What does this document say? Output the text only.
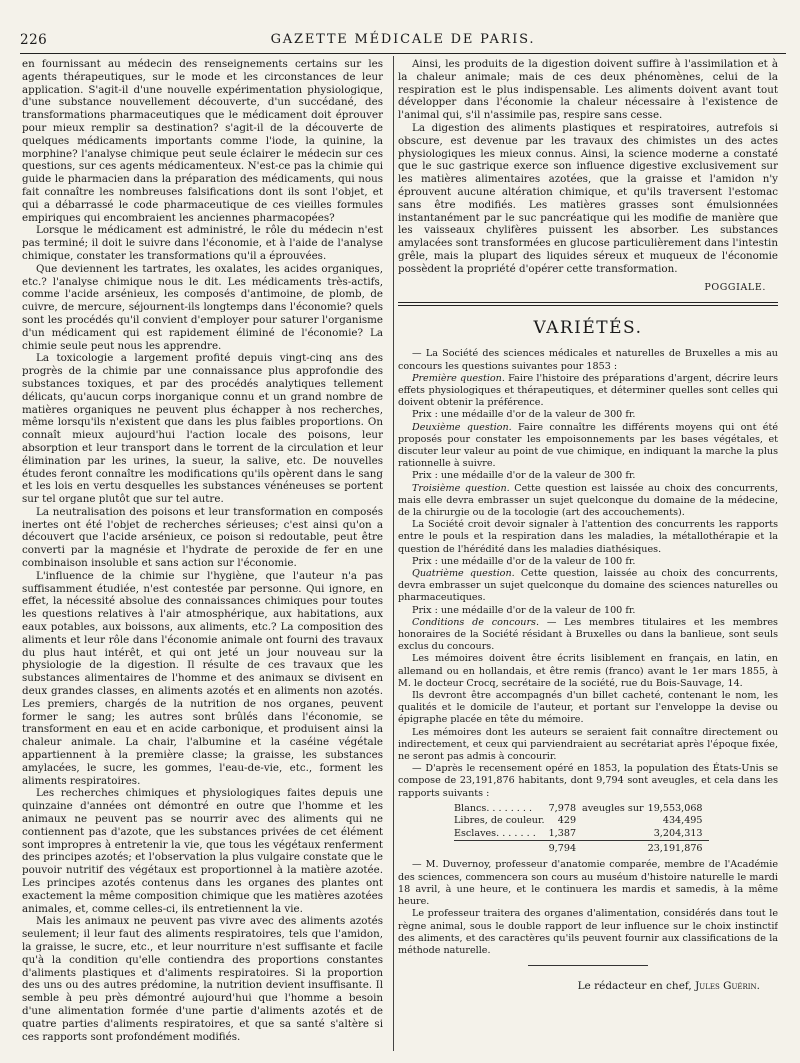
226	GAZETTE MÉDICALE DE PARIS.

en fournissant au médecin des renseignements certains sur les agents thérapeutiques, sur le mode et les circonstances de leur application. S'agit-il d'une nouvelle expérimentation physiologique, d'une substance nouvellement découverte, d'un succédané, des transformations pharmaceutiques que le médicament doit éprouver pour mieux remplir sa destination? s'agit-il de la découverte de quelques médicaments importants comme l'iode, la quinine, la morphine? l'analyse chimique peut seule éclairer le médecin sur ces questions, sur ces agents médicamenteux. N'est-ce pas la chimie qui guide le pharmacien dans la préparation des médicaments, qui nous fait connaître les nombreuses falsifications dont ils sont l'objet, et qui a débarrassé le code pharmaceutique de ces vieilles formules empiriques qui encombraient les anciennes pharmacopées?

Lorsque le médicament est administré, le rôle du médecin n'est pas terminé; il doit le suivre dans l'économie, et à l'aide de l'analyse chimique, constater les transformations qu'il a éprouvées.

Que deviennent les tartrates, les oxalates, les acides organiques, etc.? l'analyse chimique nous le dit. Les médicaments très-actifs, comme l'acide arsénieux, les composés d'antimoine, de plomb, de cuivre, de mercure, séjournent-ils longtemps dans l'économie? quels sont les procédés qu'il convient d'employer pour saturer l'organisme d'un médicament qui est rapidement éliminé de l'économie? La chimie seule peut nous les apprendre.

La toxicologie a largement profité depuis vingt-cinq ans des progrès de la chimie par une connaissance plus approfondie des substances toxiques, et par des procédés analytiques tellement délicats, qu'aucun corps inorganique connu et un grand nombre de matières organiques ne peuvent plus échapper à nos recherches, même lorsqu'ils n'existent que dans les plus faibles proportions. On connaît mieux aujourd'hui l'action locale des poisons, leur absorption et leur transport dans le torrent de la circulation et leur élimination par les urines, la sueur, la salive, etc. De nouvelles études feront connaître les modifications qu'ils opèrent dans le sang et les lois en vertu desquelles les substances vénéneuses se portent sur tel organe plutôt que sur tel autre.

La neutralisation des poisons et leur transformation en composés inertes ont été l'objet de recherches sérieuses; c'est ainsi qu'on a découvert que l'acide arsénieux, ce poison si redoutable, peut être converti par la magnésie et l'hydrate de peroxide de fer en une combinaison insoluble et sans action sur l'économie.

L'influence de la chimie sur l'hygiène, que l'auteur n'a pas suffisamment étudiée, n'est contestée par personne. Qui ignore, en effet, la nécessité absolue des connaissances chimiques pour toutes les questions relatives à l'air atmosphérique, aux habitations, aux eaux potables, aux boissons, aux aliments, etc.? La composition des aliments et leur rôle dans l'économie animale ont fourni des travaux du plus haut intérêt, et qui ont jeté un jour nouveau sur la physiologie de la digestion. Il résulte de ces travaux que les substances alimentaires de l'homme et des animaux se divisent en deux grandes classes, en aliments azotés et en aliments non azotés. Les premiers, chargés de la nutrition de nos organes, peuvent former le sang; les autres sont brûlés dans l'économie, se transforment en eau et en acide carbonique, et produisent ainsi la chaleur animale. La chair, l'albumine et la caséine végétale appartiennent à la première classe; la graisse, les substances amylacées, le sucre, les gommes, l'eau-de-vie, etc., forment les aliments respiratoires.

Les recherches chimiques et physiologiques faites depuis une quinzaine d'années ont démontré en outre que l'homme et les animaux ne peuvent pas se nourrir avec des aliments qui ne contiennent pas d'azote, que les substances privées de cet élément sont impropres à entretenir la vie, que tous les végétaux renferment des principes azotés; et l'observation la plus vulgaire constate que le pouvoir nutritif des végétaux est proportionnel à la matière azotée. Les principes azotés contenus dans les organes des plantes ont exactement la même composition chimique que les matières azotées animales, et, comme celles-ci, ils entretiennent la vie.

Mais les animaux ne peuvent pas vivre avec des aliments azotés seulement; il leur faut des aliments respiratoires, tels que l'amidon, la graisse, le sucre, etc., et leur nourriture n'est suffisante et facile qu'à la condition qu'elle contiendra des proportions constantes d'aliments plastiques et d'aliments respiratoires. Si la proportion des uns ou des autres prédomine, la nutrition devient insuffisante. Il semble à peu près démontré aujourd'hui que l'homme a besoin d'une alimentation formée d'une partie d'aliments azotés et de quatre parties d'aliments respiratoires, et que sa santé s'altère si ces rapports sont profondément modifiés.

Ainsi, les produits de la digestion doivent suffire à l'assimilation et à la chaleur animale; mais de ces deux phénomènes, celui de la respiration est le plus indispensable. Les aliments doivent avant tout développer dans l'économie la chaleur nécessaire à l'existence de l'animal qui, s'il n'assimile pas, respire sans cesse.

La digestion des aliments plastiques et respiratoires, autrefois si obscure, est devenue par les travaux des chimistes un des actes physiologiques les mieux connus. Ainsi, la science moderne a constaté que le suc gastrique exerce son influence digestive exclusivement sur les matières alimentaires azotées, que la graisse et l'amidon n'y éprouvent aucune altération chimique, et qu'ils traversent l'estomac sans être modifiés. Les matières grasses sont émulsionnées instantanément par le suc pancréatique qui les modifie de manière que les vaisseaux chylifères puissent les absorber. Les substances amylacées sont transformées en glucose particulièrement dans l'intestin grêle, mais la plupart des liquides séreux et muqueux de l'économie possèdent la propriété d'opérer cette transformation.

POGGIALE.
VARIÉTÉS.

— La Société des sciences médicales et naturelles de Bruxelles a mis au concours les questions suivantes pour 1853 :

Première question. Faire l'histoire des préparations d'argent, décrire leurs effets physiologiques et thérapeutiques, et déterminer quelles sont celles qui doivent obtenir la préférence.

Prix : une médaille d'or de la valeur de 300 fr.

Deuxième question. Faire connaître les différents moyens qui ont été proposés pour constater les empoisonnements par les bases végétales, et discuter leur valeur au point de vue chimique, en indiquant la marche la plus rationnelle à suivre.

Prix : une médaille d'or de la valeur de 300 fr.

Troisième question. Cette question est laissée au choix des concurrents, mais elle devra embrasser un sujet quelconque du domaine de la médecine, de la chirurgie ou de la tocologie (art des accouchements).

La Société croit devoir signaler à l'attention des concurrents les rapports entre le pouls et la respiration dans les maladies, la métallothérapie et la question de l'hérédité dans les maladies diathésiques.

Prix : une médaille d'or de la valeur de 100 fr.

Quatrième question. Cette question, laissée au choix des concurrents, devra embrasser un sujet quelconque du domaine des sciences naturelles ou pharmaceutiques.

Prix : une médaille d'or de la valeur de 100 fr.

Conditions de concours. — Les membres titulaires et les membres honoraires de la Société résidant à Bruxelles ou dans la banlieue, sont seuls exclus du concours.

Les mémoires doivent être écrits lisiblement en français, en latin, en allemand ou en hollandais, et être remis (franco) avant le 1er mars 1855, à M. le docteur Crocq, secrétaire de la société, rue du Bois-Sauvage, 14.

Ils devront être accompagnés d'un billet cacheté, contenant le nom, les qualités et le domicile de l'auteur, et portant sur l'enveloppe la devise ou épigraphe placée en tête du mémoire.

Les mémoires dont les auteurs se seraient fait connaître directement ou indirectement, et ceux qui parviendraient au secrétariat après l'époque fixée, ne seront pas admis à concourir.

— D'après le recensement opéré en 1853, la population des États-Unis se compose de 23,191,876 habitants, dont 9,794 sont aveugles, et cela dans les rapports suivants :

Blancs. . . . . . . .	7,978	aveugles sur	19,553,068
Libres, de couleur.	429		434,495
Esclaves. . . . . . .	1,387		3,204,313
	9,794		23,191,876

— M. Duvernoy, professeur d'anatomie comparée, membre de l'Académie des sciences, commencera son cours au muséum d'histoire naturelle le mardi 18 avril, à une heure, et le continuera les mardis et samedis, à la même heure.

Le professeur traitera des organes d'alimentation, considérés dans tout le règne animal, sous le double rapport de leur influence sur le choix instinctif des aliments, et des caractères qu'ils peuvent fournir aux classifications de la méthode naturelle.

Le rédacteur en chef, Jules Guérin.
